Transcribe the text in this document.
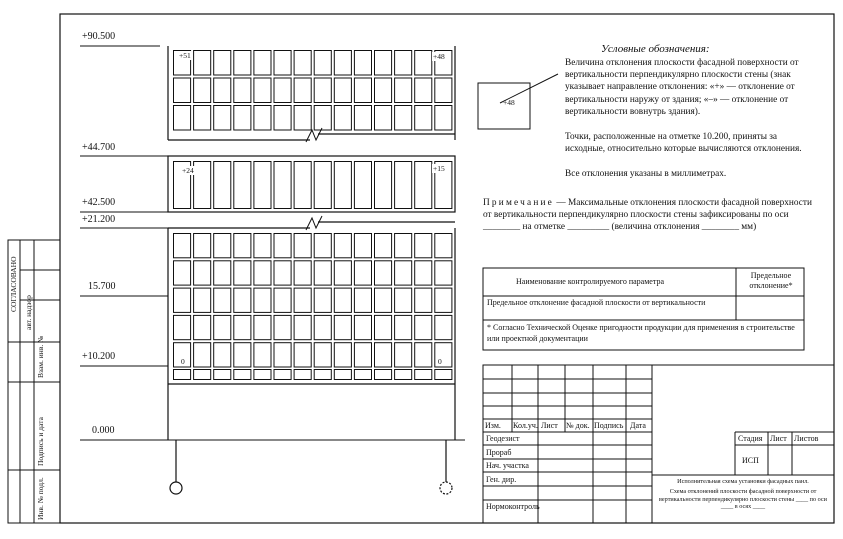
+90.500
+44.700
+42.500
+21.200
15.700
+10.200
0.000
+51	+48
+24	+15
0	0
Условные обозначения:
+48
Величина отклонения плоскости фасадной поверхности от вертикальности перпендикулярно плоскости стены (знак указывает направление отклонения: «+» — отклонение от вертикальности наружу от здания; «–» — отклонение от вертикальности вовнутрь здания).
Точки, расположенные на отметке 10.200, приняты за исходные, относительно которые вычисляются отклонения.
Все отклонения указаны в миллиметрах.
Примечание — Максимальные отклонения плоскости фасадной поверхности от вертикальности перпендикулярно плоскости стены зафиксированы по оси ________ на отметке _________ (величина отклонения ________ мм)
Наименование контролируемого параметра
Предельное отклонение*
Предельное отклонение фасадной плоскости от вертикальности
* Согласно Технической Оценке пригодности продукции для применения в строительстве или проектной документации
СОГЛАСОВАНО
авт. надзор
Взам. инв. №
Подпись и дата
Инв. № подл.
Изм. Кол.уч. Лист № док. Подпись Дата
Геодезист
Прораб
Нач. участка
Ген. дир.
Нормоконтроль
Стадия Лист Листов
ИСП
Исполнительная схема установки фасадных панл.
Схема отклонений плоскости фасадной поверхности от вертикальности перпендикулярно плоскости стены ____ по оси ____ в осях ____
